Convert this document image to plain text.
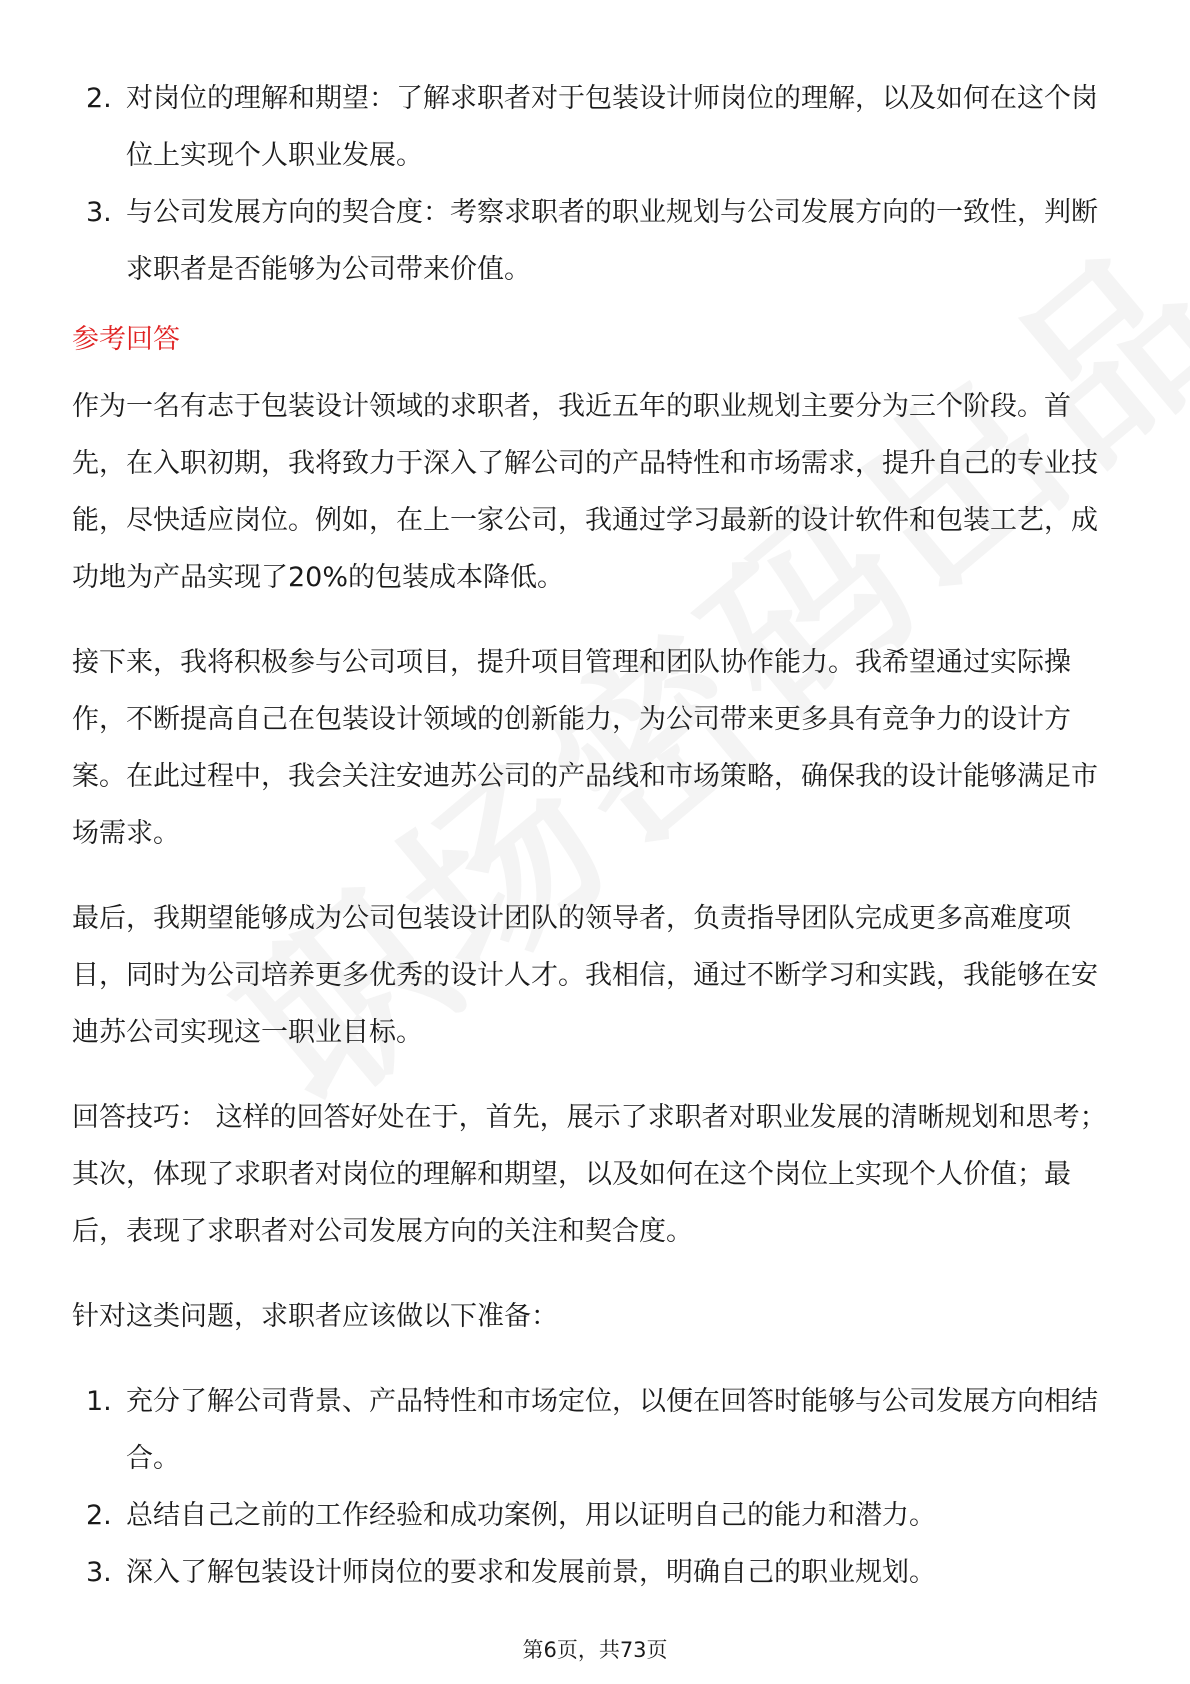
2. 对岗位的理解和期望：了解求职者对于包装设计师岗位的理解，以及如何在这个岗位上实现个人职业发展。
3. 与公司发展方向的契合度：考察求职者的职业规划与公司发展方向的一致性，判断求职者是否能够为公司带来价值。
参考回答

作为一名有志于包装设计领域的求职者，我近五年的职业规划主要分为三个阶段。首先，在入职初期，我将致力于深入了解公司的产品特性和市场需求，提升自己的专业技能，尽快适应岗位。例如，在上一家公司，我通过学习最新的设计软件和包装工艺，成功地为产品实现了20%的包装成本降低。

接下来，我将积极参与公司项目，提升项目管理和团队协作能力。我希望通过实际操作，不断提高自己在包装设计领域的创新能力，为公司带来更多具有竞争力的设计方案。在此过程中，我会关注安迪苏公司的产品线和市场策略，确保我的设计能够满足市场需求。

最后，我期望能够成为公司包装设计团队的领导者，负责指导团队完成更多高难度项目，同时为公司培养更多优秀的设计人才。我相信，通过不断学习和实践，我能够在安迪苏公司实现这一职业目标。

回答技巧： 这样的回答好处在于，首先，展示了求职者对职业发展的清晰规划和思考；其次，体现了求职者对岗位的理解和期望，以及如何在这个岗位上实现个人价值；最后，表现了求职者对公司发展方向的关注和契合度。

针对这类问题，求职者应该做以下准备：

1. 充分了解公司背景、产品特性和市场定位，以便在回答时能够与公司发展方向相结合。
2. 总结自己之前的工作经验和成功案例，用以证明自己的能力和潜力。
3. 深入了解包装设计师岗位的要求和发展前景，明确自己的职业规划。
第6页，共73页
